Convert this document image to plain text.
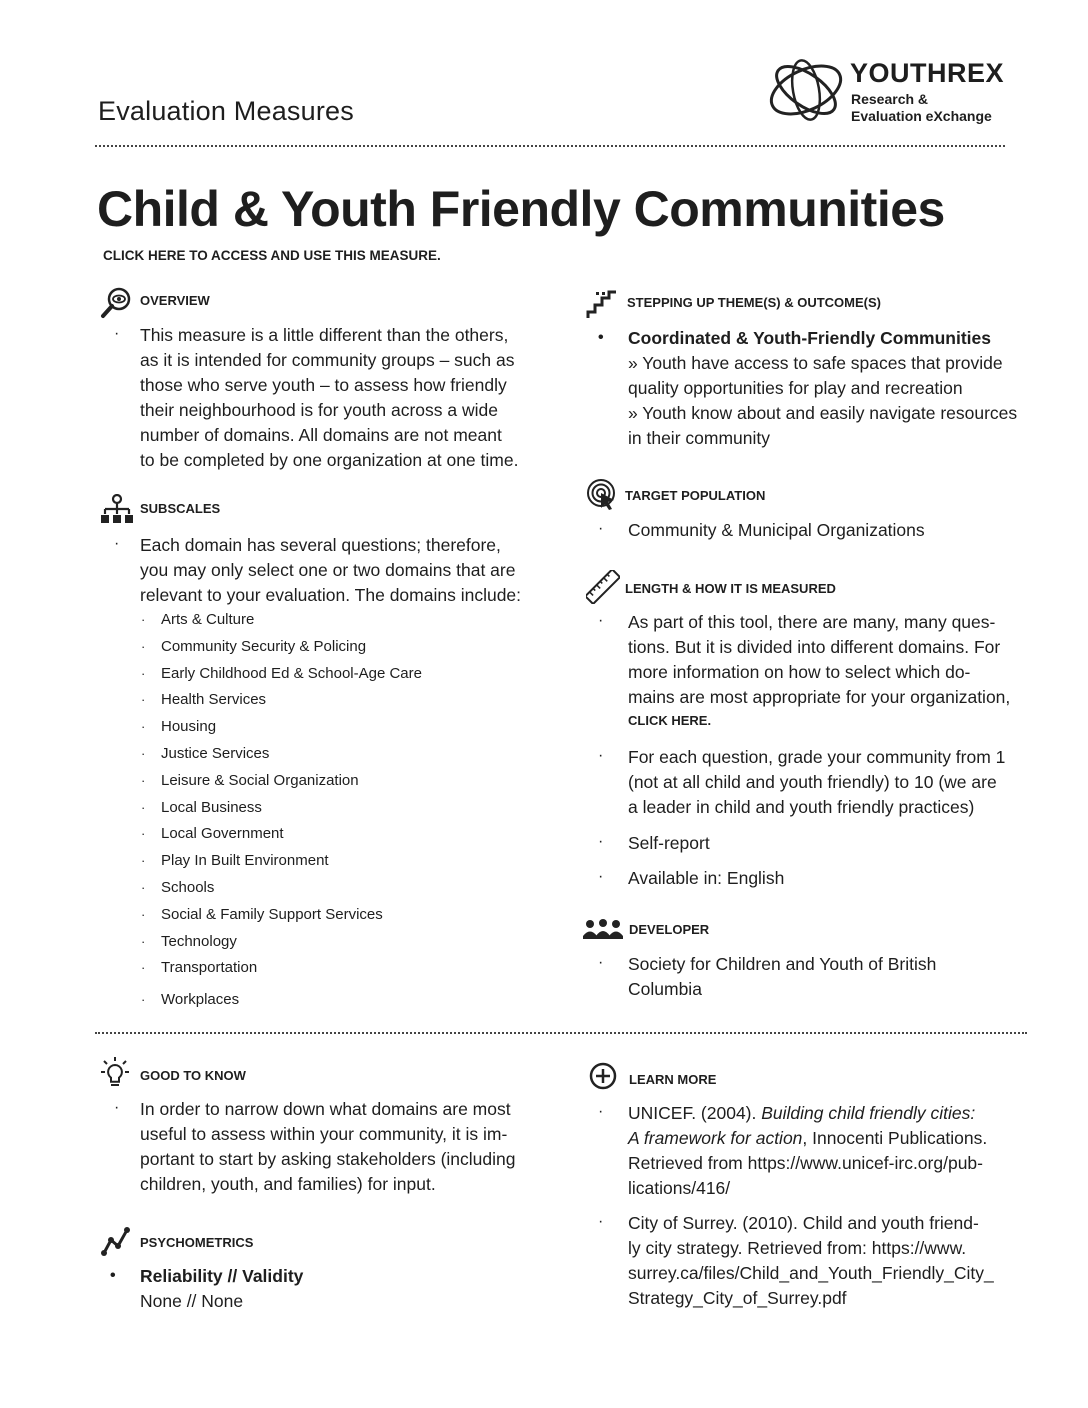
Evaluation Measures
YOUTHREX
Research &
Evaluation eXchange
Child & Youth Friendly Communities
CLICK HERE TO ACCESS AND USE THIS MEASURE.
OVERVIEW
· This measure is a little different than the others,
as it is intended for community groups – such as
those who serve youth – to assess how friendly
their neighbourhood is for youth across a wide
number of domains. All domains are not meant
to be completed by one organization at one time.
SUBSCALES
· Each domain has several questions; therefore,
you may only select one or two domains that are
relevant to your evaluation. The domains include:
· Arts & Culture
· Community Security & Policing
· Early Childhood Ed & School-Age Care
· Health Services
· Housing
· Justice Services
· Leisure & Social Organization
· Local Business
· Local Government
· Play In Built Environment
· Schools
· Social & Family Support Services
· Technology
· Transportation
· Workplaces
STEPPING UP THEME(S) & OUTCOME(S)
• Coordinated & Youth-Friendly Communities
» Youth have access to safe spaces that provide
quality opportunities for play and recreation
» Youth know about and easily navigate resources
in their community
TARGET POPULATION
· Community & Municipal Organizations
LENGTH & HOW IT IS MEASURED
· As part of this tool, there are many, many ques-
tions. But it is divided into different domains. For
more information on how to select which do-
mains are most appropriate for your organization,
CLICK HERE.
· For each question, grade your community from 1
(not at all child and youth friendly) to 10 (we are
a leader in child and youth friendly practices)
· Self-report
· Available in: English
DEVELOPER
· Society for Children and Youth of British
Columbia
GOOD TO KNOW
· In order to narrow down what domains are most
useful to assess within your community, it is im-
portant to start by asking stakeholders (including
children, youth, and families) for input.
PSYCHOMETRICS
• Reliability // Validity
None // None
LEARN MORE
· UNICEF. (2004). Building child friendly cities:
A framework for action, Innocenti Publications.
Retrieved from https://www.unicef-irc.org/pub-
lications/416/
· City of Surrey. (2010). Child and youth friend-
ly city strategy. Retrieved from: https://www.
surrey.ca/files/Child_and_Youth_Friendly_City_
Strategy_City_of_Surrey.pdf
